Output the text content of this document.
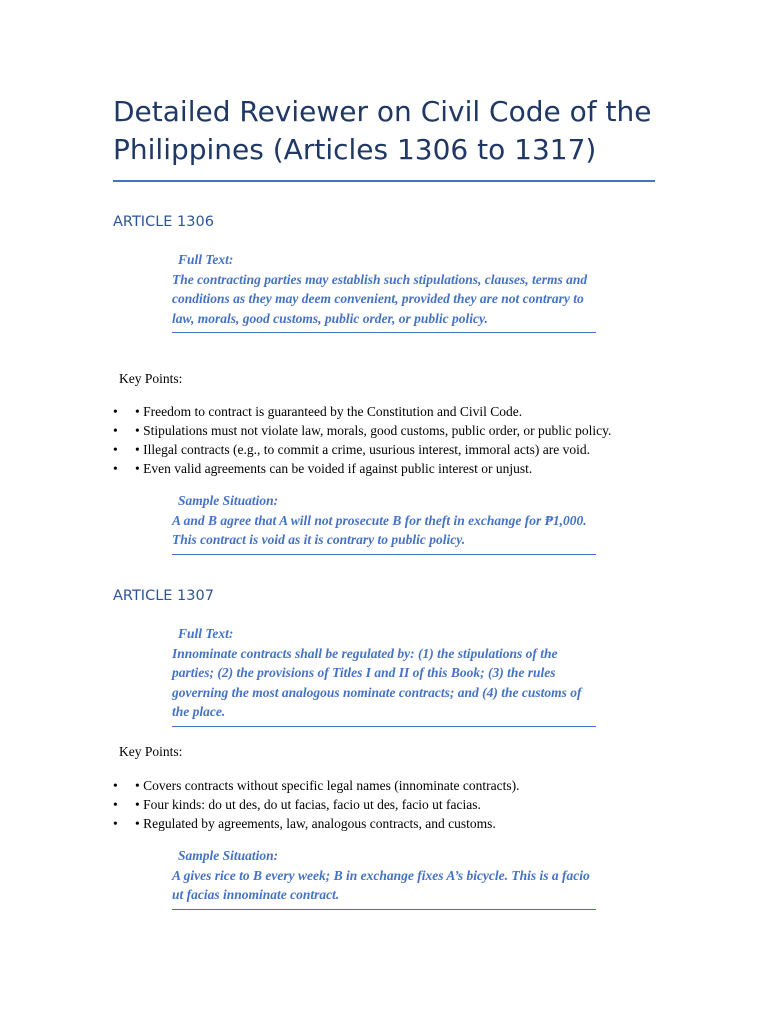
Detailed Reviewer on Civil Code of the Philippines (Articles 1306 to 1317)
ARTICLE 1306
Full Text:
The contracting parties may establish such stipulations, clauses, terms and conditions as they may deem convenient, provided they are not contrary to law, morals, good customs, public order, or public policy.
Key Points:
•	• Freedom to contract is guaranteed by the Constitution and Civil Code.
•	• Stipulations must not violate law, morals, good customs, public order, or public policy.
•	• Illegal contracts (e.g., to commit a crime, usurious interest, immoral acts) are void.
•	• Even valid agreements can be voided if against public interest or unjust.
Sample Situation:
A and B agree that A will not prosecute B for theft in exchange for ₱1,000. This contract is void as it is contrary to public policy.
ARTICLE 1307
Full Text:
Innominate contracts shall be regulated by: (1) the stipulations of the parties; (2) the provisions of Titles I and II of this Book; (3) the rules governing the most analogous nominate contracts; and (4) the customs of the place.
Key Points:
•	• Covers contracts without specific legal names (innominate contracts).
•	• Four kinds: do ut des, do ut facias, facio ut des, facio ut facias.
•	• Regulated by agreements, law, analogous contracts, and customs.
Sample Situation:
A gives rice to B every week; B in exchange fixes A’s bicycle. This is a facio ut facias innominate contract.
